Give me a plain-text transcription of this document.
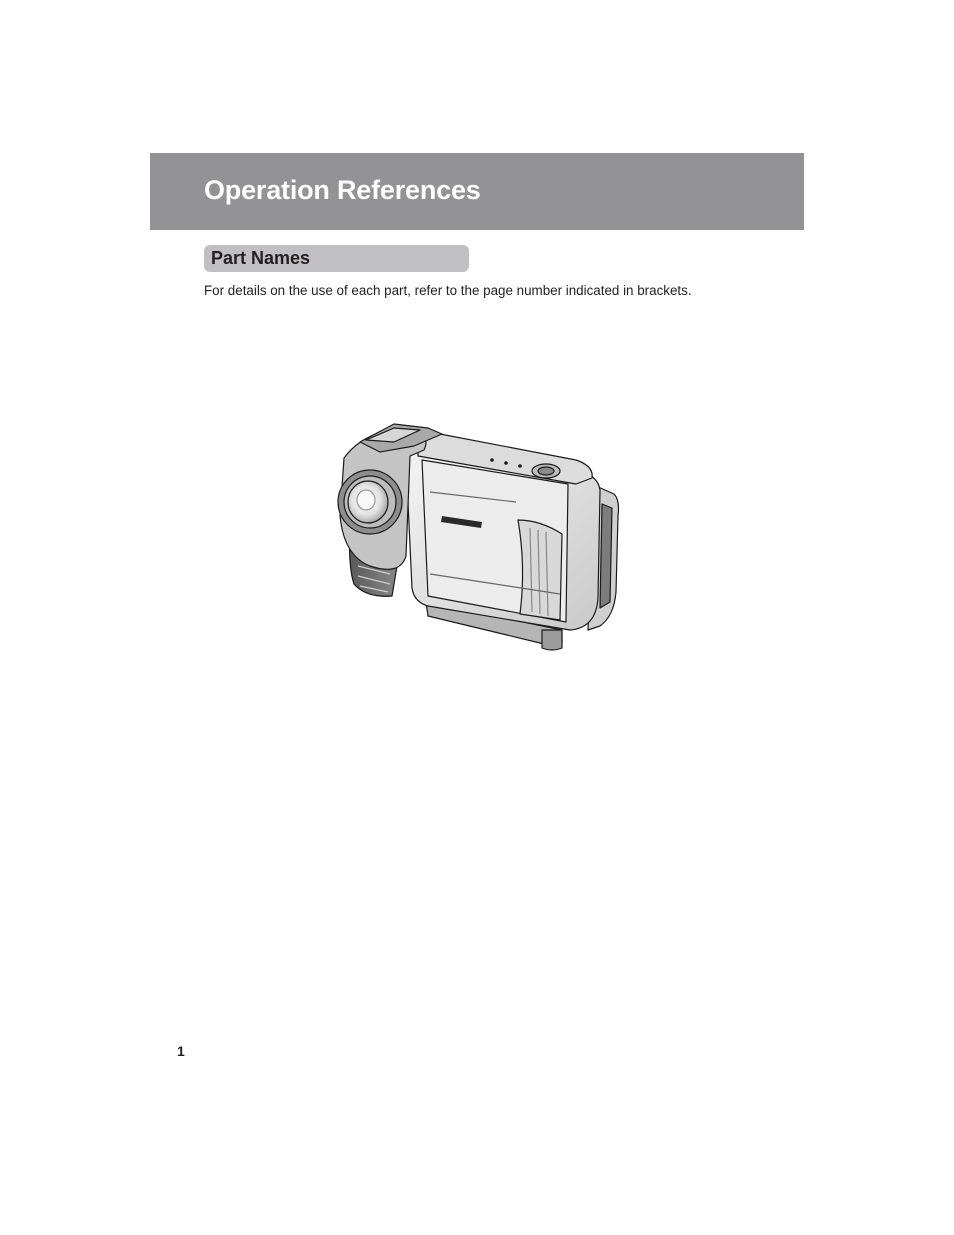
Operation References
Part Names

For details on the use of each part, refer to the page number indicated in brackets.

1
